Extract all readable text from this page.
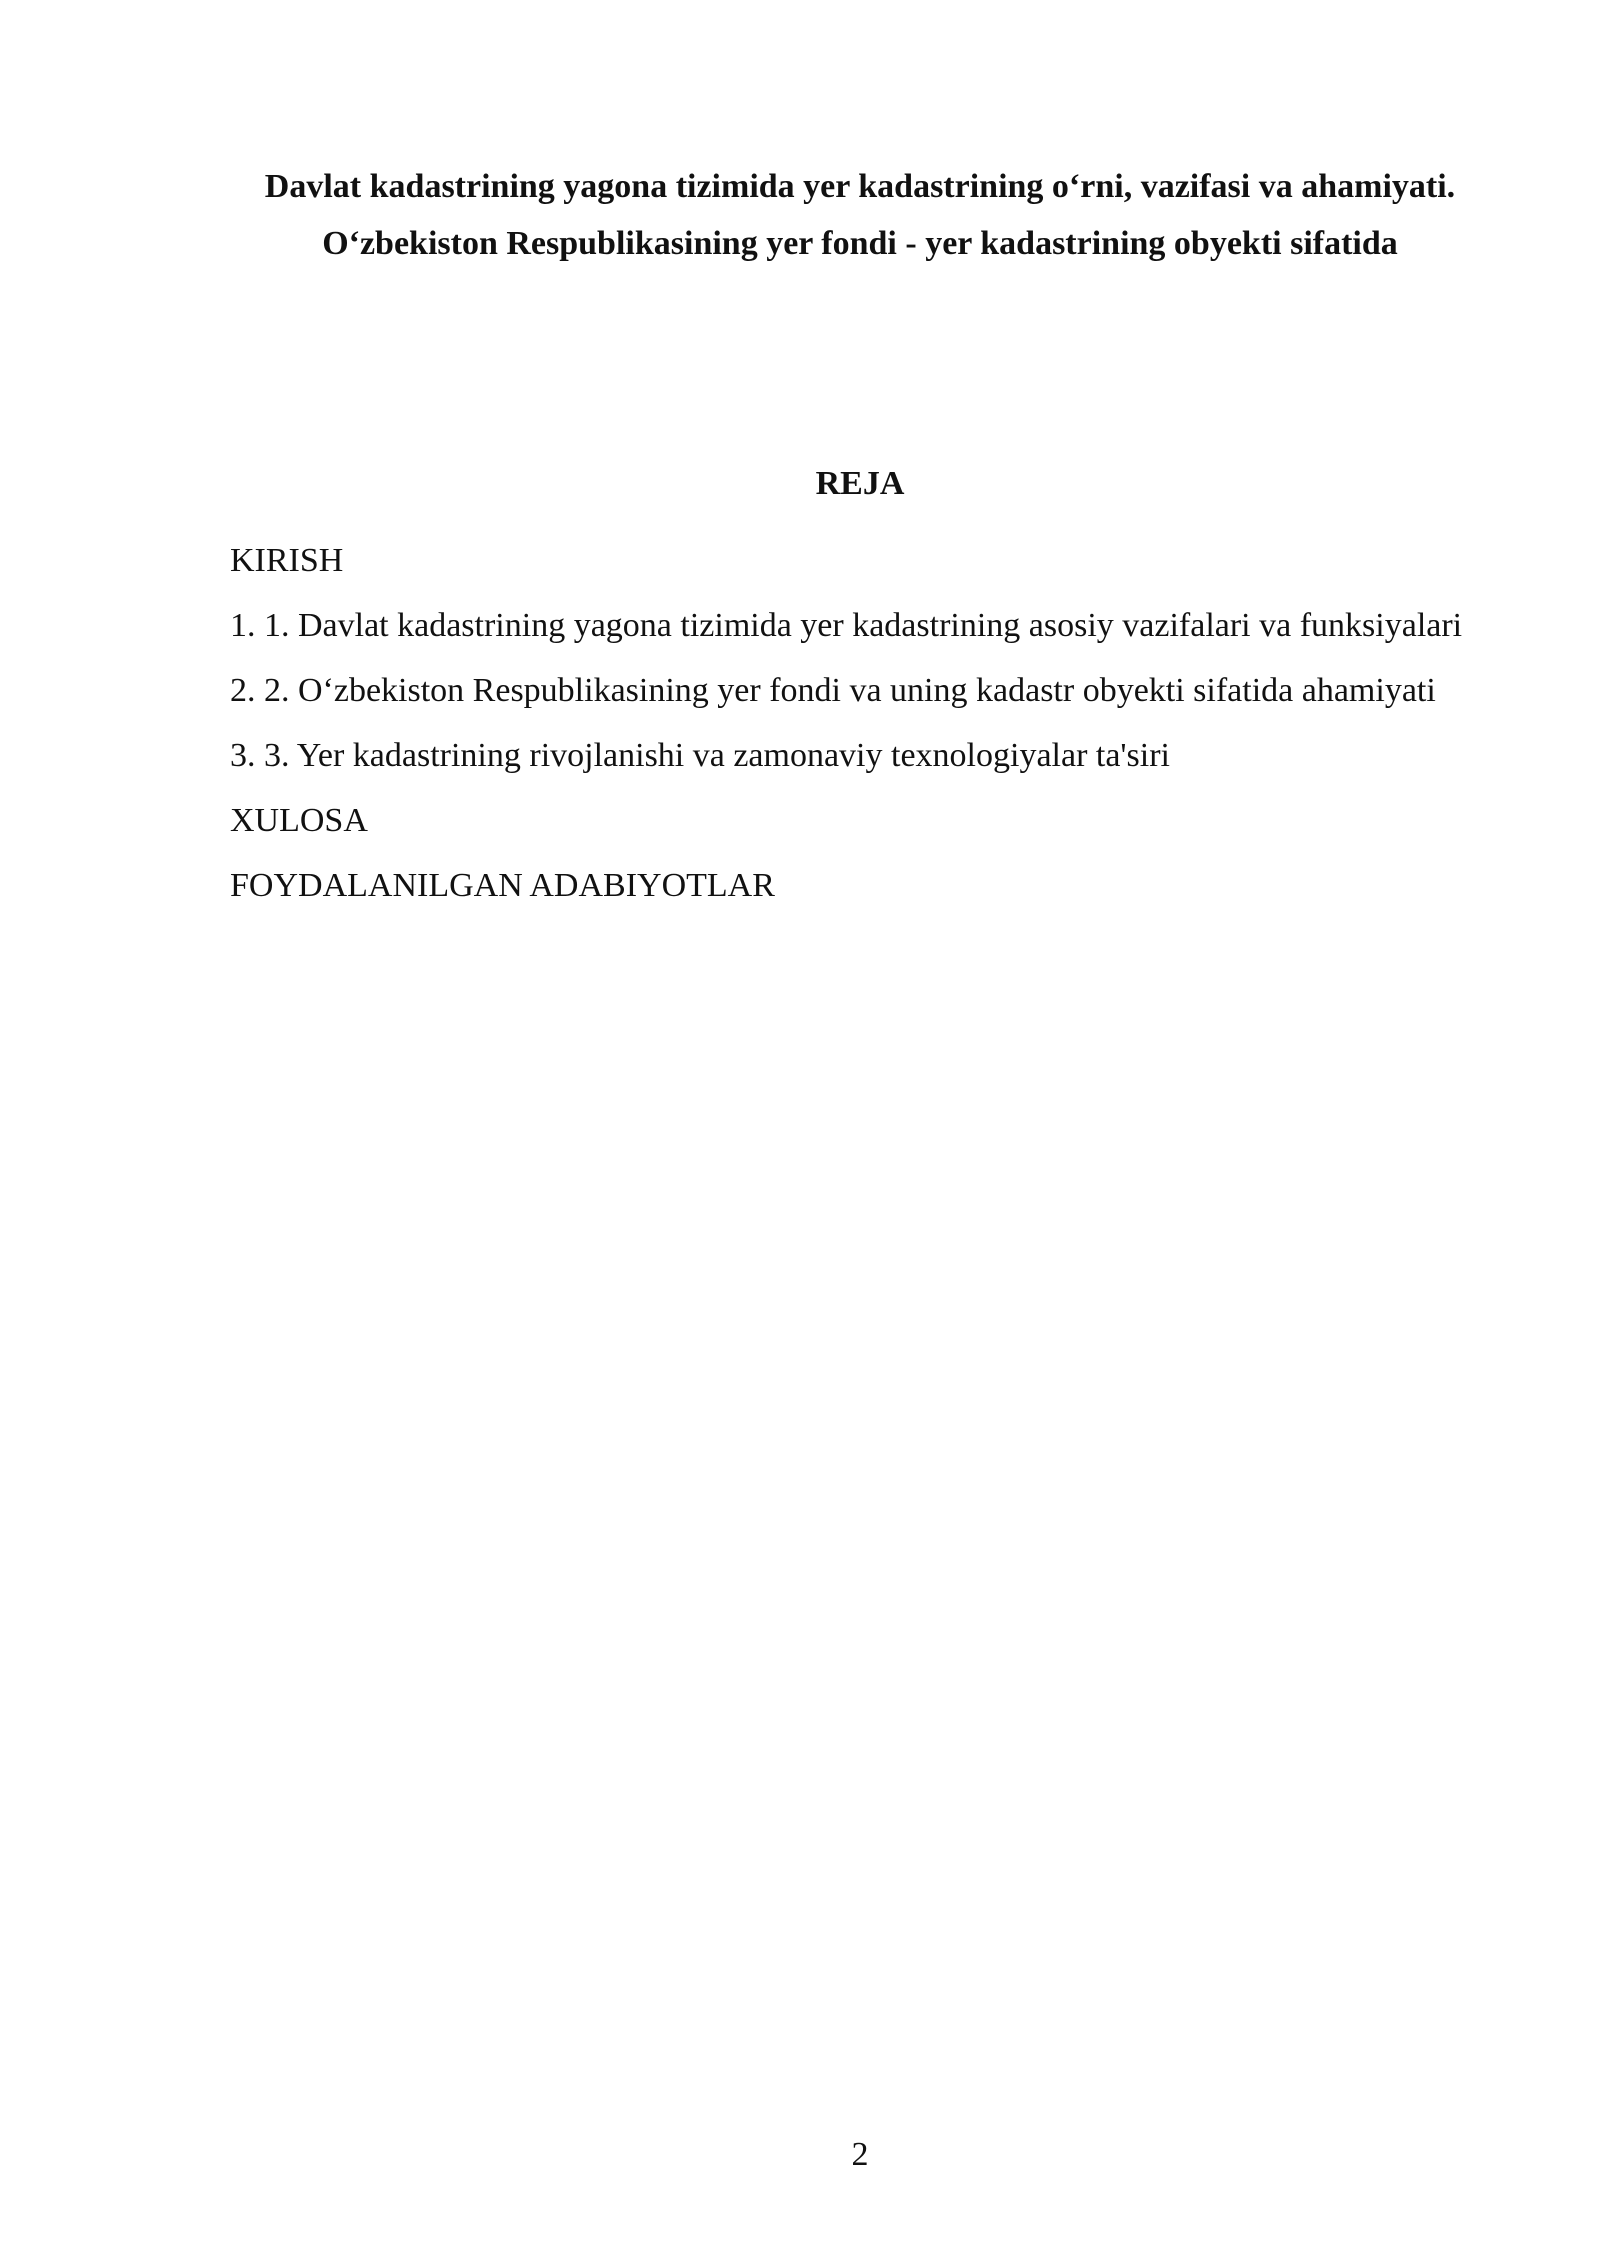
Davlat kadastrining yagona tizimida yer kadastrining o‘rni, vazifasi va ahamiyati. O‘zbekiston Respublikasining yer fondi - yer kadastrining obyekti sifatida
REJA
KIRISH
1. 1. Davlat kadastrining yagona tizimida yer kadastrining asosiy vazifalari va funksiyalari
2. 2. O‘zbekiston Respublikasining yer fondi va uning kadastr obyekti sifatida ahamiyati
3. 3. Yer kadastrining rivojlanishi va zamonaviy texnologiyalar ta'siri
XULOSA
FOYDALANILGAN ADABIYOTLAR
2
